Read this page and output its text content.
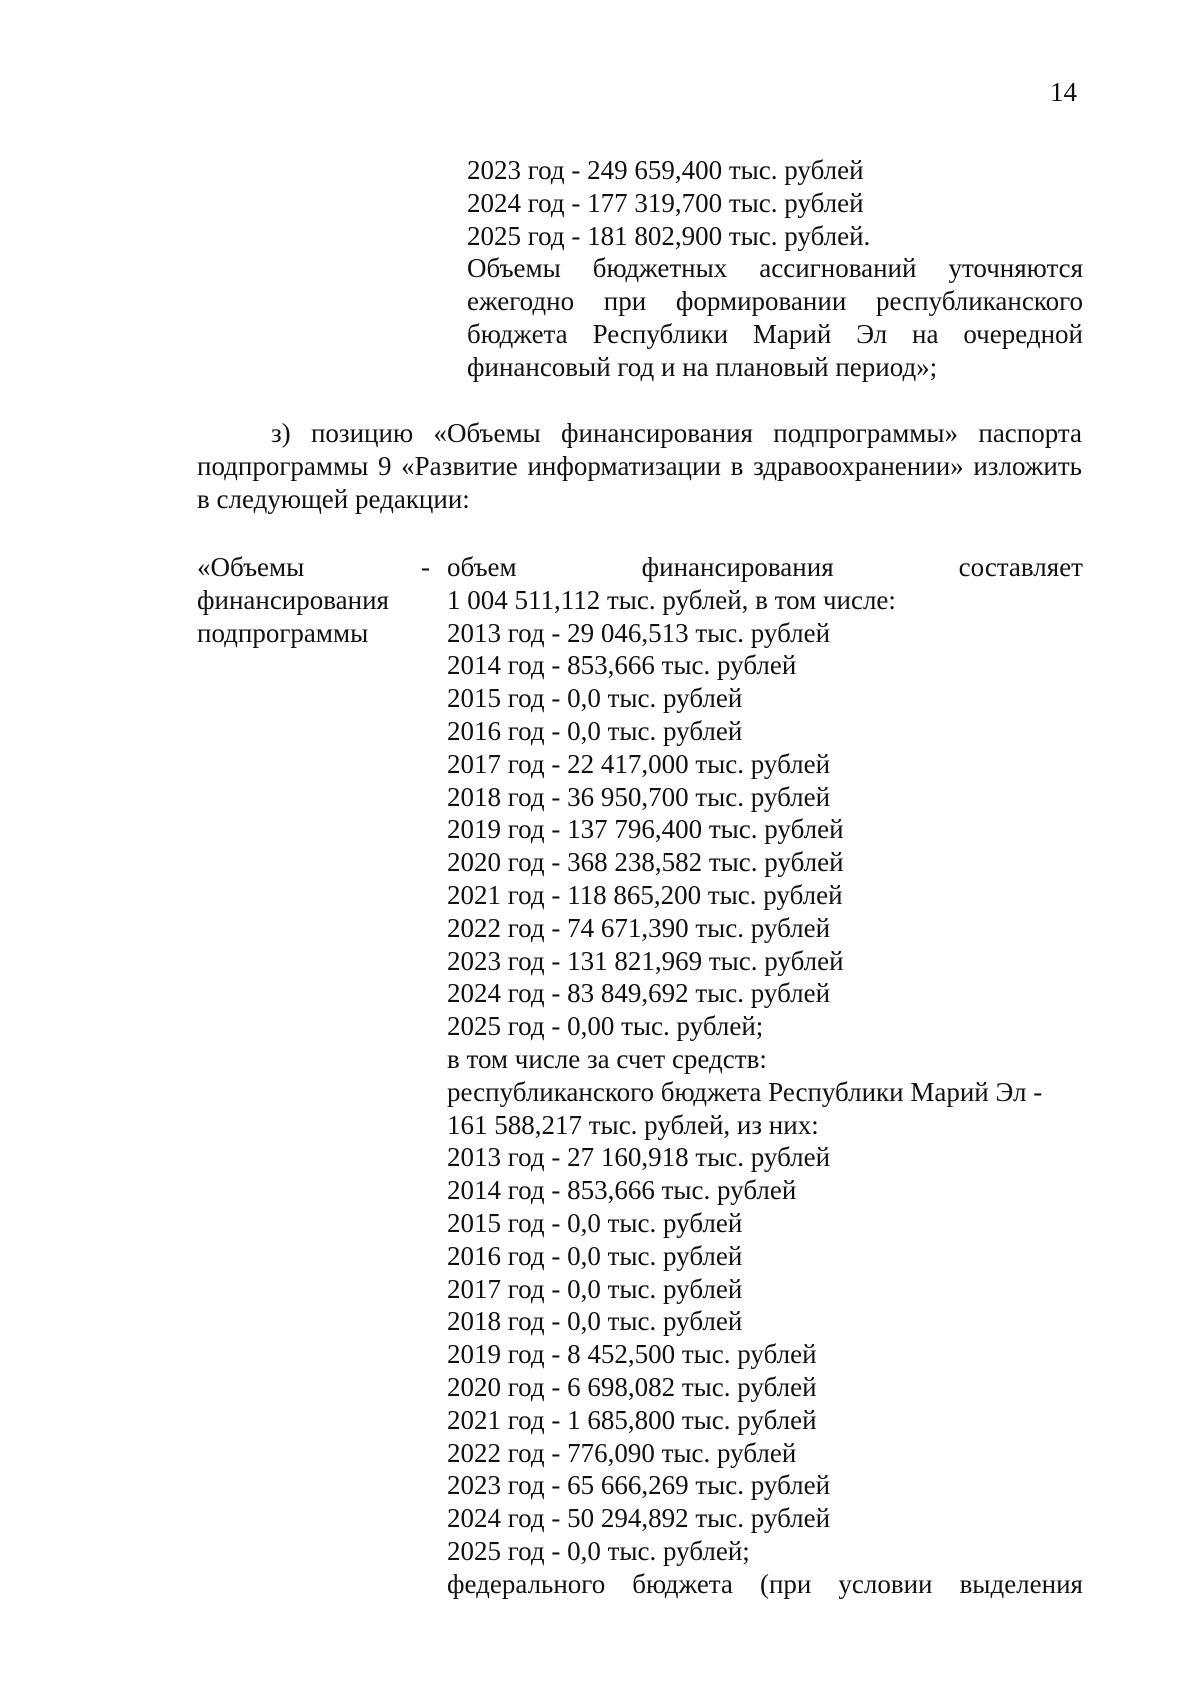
14
2023 год - 249 659,400 тыс. рублей
2024 год - 177 319,700 тыс. рублей
2025 год - 181 802,900 тыс. рублей.
Объемы бюджетных ассигнований уточняются ежегодно при формировании республиканского бюджета Республики Марий Эл на очередной финансовый год и на плановый период»;
з) позицию «Объемы финансирования подпрограммы» паспорта подпрограммы 9 «Развитие информатизации в здравоохранении» изложить в следующей редакции:
«Объемы
финансирования
подпрограммы
- объем	финансирования	составляет
1 004 511,112 тыс. рублей, в том числе:
2013 год - 29 046,513 тыс. рублей
2014 год - 853,666 тыс. рублей
2015 год - 0,0 тыс. рублей
2016 год - 0,0 тыс. рублей
2017 год - 22 417,000 тыс. рублей
2018 год - 36 950,700 тыс. рублей
2019 год - 137 796,400 тыс. рублей
2020 год - 368 238,582 тыс. рублей
2021 год - 118 865,200 тыс. рублей
2022 год - 74 671,390 тыс. рублей
2023 год - 131 821,969 тыс. рублей
2024 год - 83 849,692 тыс. рублей
2025 год - 0,00 тыс. рублей;
в том числе за счет средств:
республиканского бюджета Республики Марий Эл -
161 588,217 тыс. рублей, из них:
2013 год - 27 160,918 тыс. рублей
2014 год - 853,666 тыс. рублей
2015 год - 0,0 тыс. рублей
2016 год - 0,0 тыс. рублей
2017 год - 0,0 тыс. рублей
2018 год - 0,0 тыс. рублей
2019 год - 8 452,500 тыс. рублей
2020 год - 6 698,082 тыс. рублей
2021 год - 1 685,800 тыс. рублей
2022 год - 776,090 тыс. рублей
2023 год - 65 666,269 тыс. рублей
2024 год - 50 294,892 тыс. рублей
2025 год - 0,0 тыс. рублей;
федерального бюджета (при условии выделения
